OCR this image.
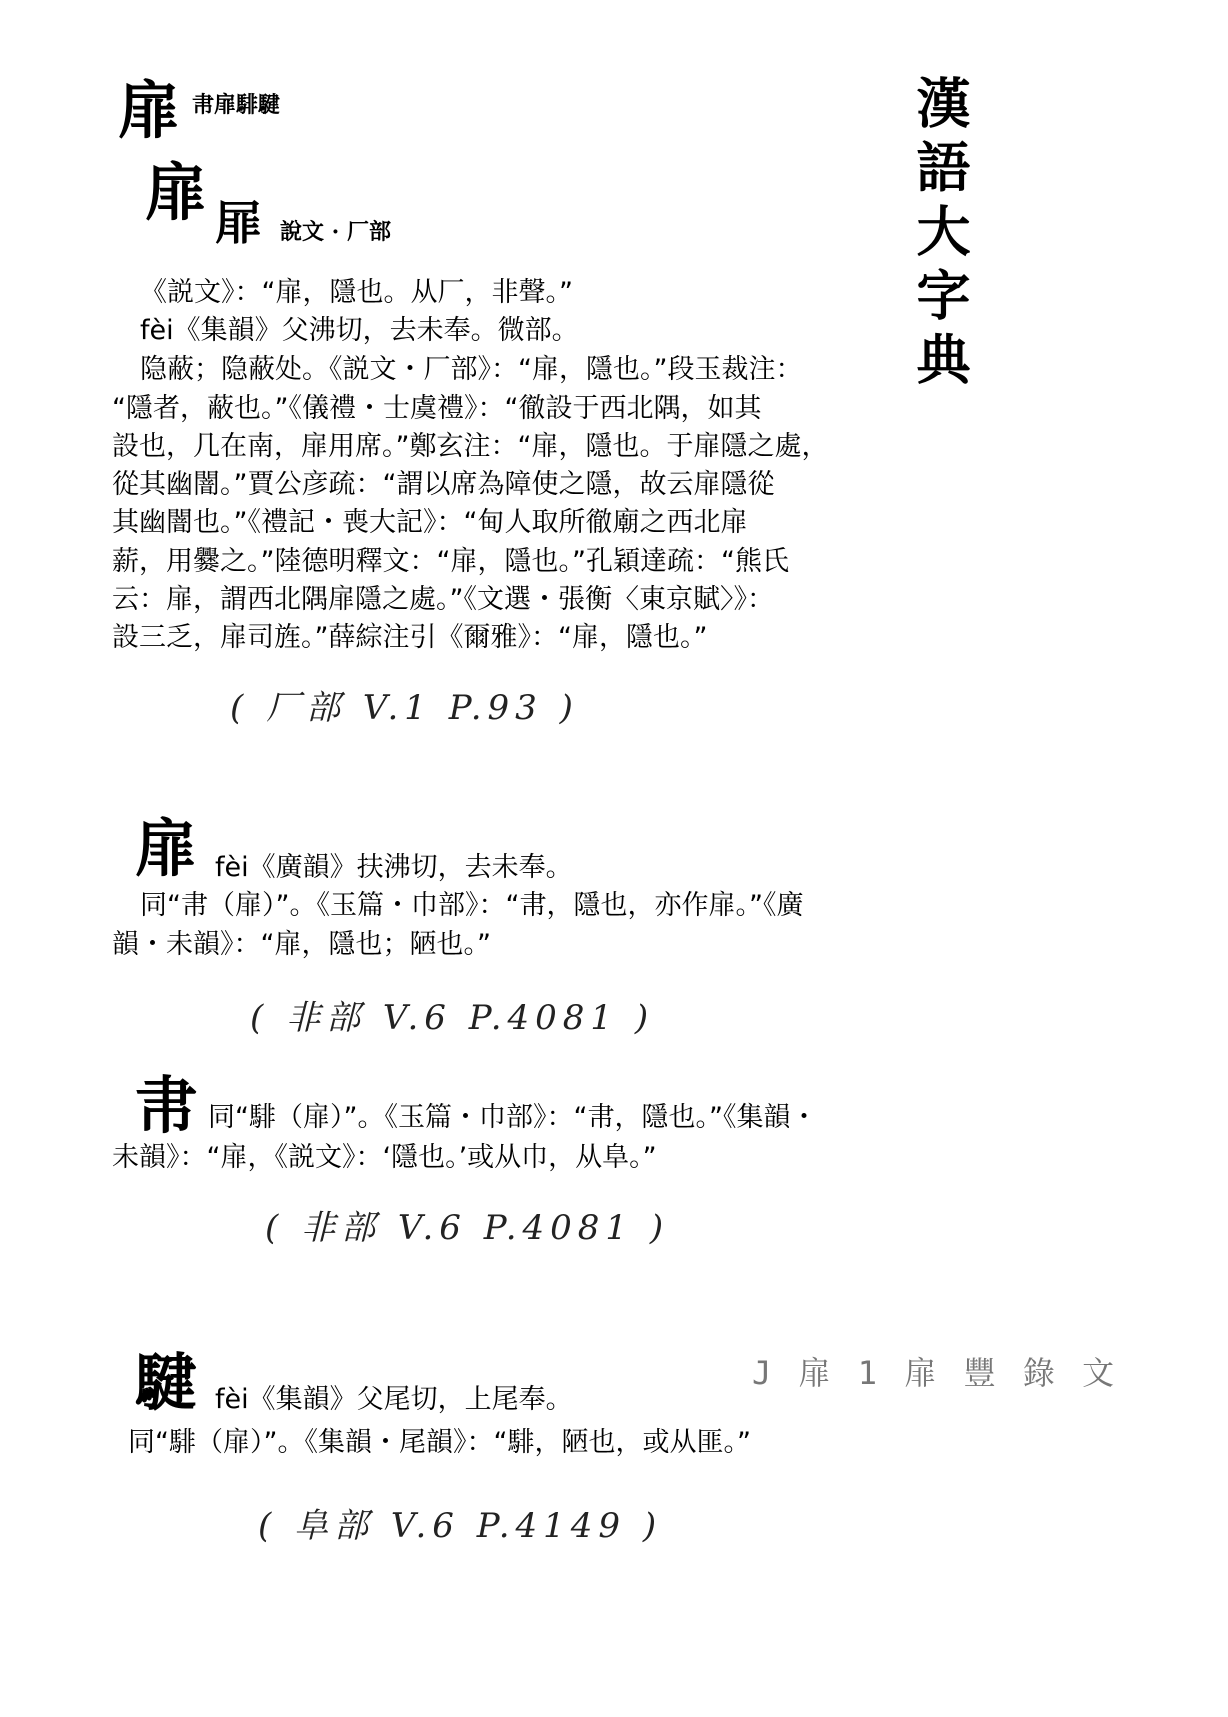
漢語大字典
扉 帇扉騑騝
扉 屝 說文 · 厂部
《説文》：“扉，隱也。从厂，非聲。”
fèi《集韻》父沸切，去未奉。微部。
隐蔽；隐蔽处。《説文・厂部》：“扉，隱也。”段玉裁注：
“隱者，蔽也。”《儀禮・士虞禮》：“徹設于西北隅，如其
設也，几在南，扉用席。”鄭玄注：“扉，隱也。于扉隱之處，
從其幽闇。”賈公彦疏：“謂以席為障使之隱，故云扉隱從
其幽闇也。”《禮記・喪大記》：“甸人取所徹廟之西北扉
薪，用爨之。”陸德明釋文：“扉，隱也。”孔穎達疏：“熊氏
云：扉，謂西北隅扉隱之處。”《文選・張衡〈東京賦〉》：
設三乏，扉司旌。”薛綜注引《爾雅》：“扉，隱也。”
( 厂部 V.1 P.93 )
扉 fèi《廣韻》扶沸切，去未奉。
同“帇（扉）”。《玉篇・巾部》：“帇，隱也，亦作扉。”《廣
韻・未韻》：“扉，隱也；陋也。”
( 非部 V.6 P.4081 )
帇 同“騑（扉）”。《玉篇・巾部》：“帇，隱也。”《集韻・
未韻》：“扉，《説文》：‘隱也。’或从巾，从阜。”
( 非部 V.6 P.4081 )
J 扉 1 扉 豐 錄 文
騝 fèi《集韻》父尾切，上尾奉。
同“騑（扉）”。《集韻・尾韻》：“騑，陋也，或从匪。”
( 阜部 V.6 P.4149 )
